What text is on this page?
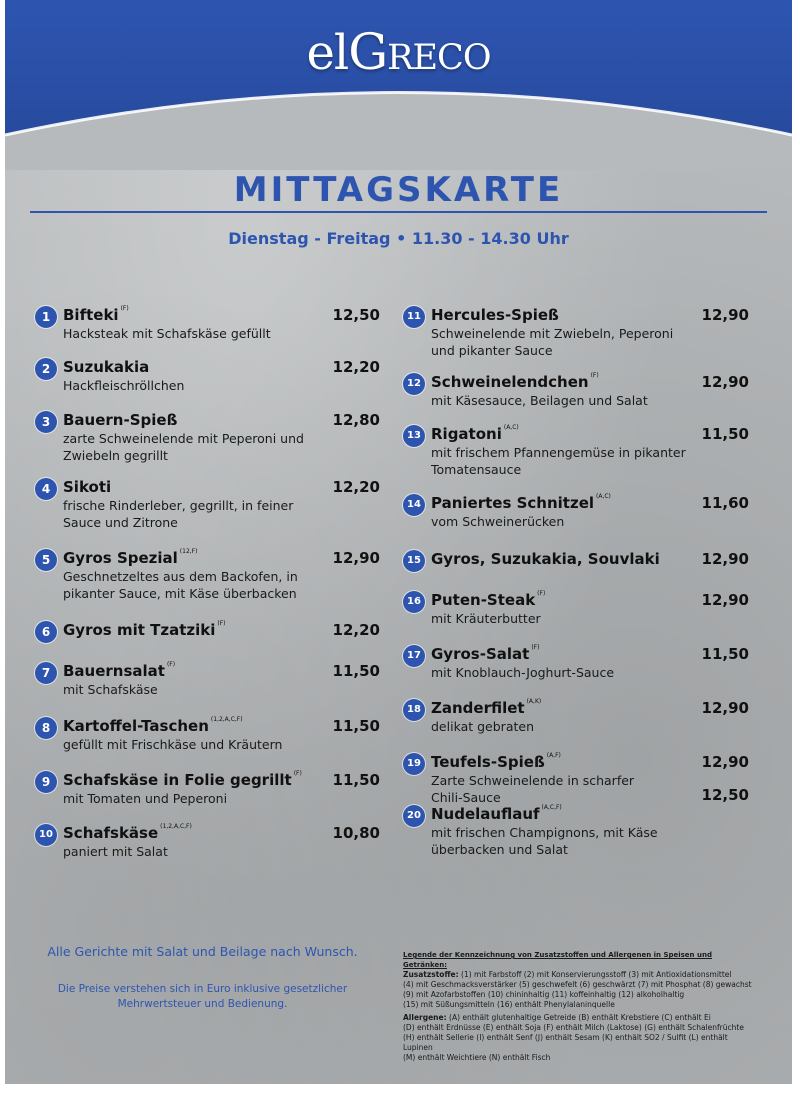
elGreco
MITTAGSKARTE
Dienstag - Freitag • 11.30 - 14.30 Uhr
1 Bifteki $^{(F)}$
Hacksteak mit Schafskäse gefüllt
12,50
2 Suzukakia
Hackfleischröllchen
12,20
3 Bauern-Spieß
zarte Schweinelende mit Peperoni und
Zwiebeln gegrillt
12,80
4 Sikoti
frische Rinderleber, gegrillt, in feiner
Sauce und Zitrone
12,20
5 Gyros Spezial $^{(12,F)}$
Geschnetzeltes aus dem Backofen, in
pikanter Sauce, mit Käse überbacken
12,90
6 Gyros mit Tzatziki $^{(F)}$	12,20
7 Bauernsalat $^{(F)}$
mit Schafskäse
11,50
8 Kartoffel-Taschen $^{(1,2,A,C,F)}$
gefüllt mit Frischkäse und Kräutern
11,50
9 Schafskäse in Folie gegrillt $^{(F)}$
mit Tomaten und Peperoni
11,50
10 Schafskäse $^{(1,2,A,C,F)}$
paniert mit Salat
10,80
11 Hercules-Spieß
Schweinelende mit Zwiebeln, Peperoni
und pikanter Sauce
12,90
12 Schweinelendchen $^{(F)}$
mit Käsesauce, Beilagen und Salat
12,90
13 Rigatoni $^{(A,C)}$
mit frischem Pfannengemüse in pikanter
Tomatensauce
11,50
14 Paniertes Schnitzel $^{(A,C)}$
vom Schweinerücken
11,60
15 Gyros, Suzukakia, Souvlaki	12,90
16 Puten-Steak $^{(F)}$
mit Kräuterbutter
12,90
17 Gyros-Salat $^{(F)}$
mit Knoblauch-Joghurt-Sauce
11,50
18 Zanderfilet $^{(A,K)}$
delikat gebraten
12,90
19 Teufels-Spieß $^{(A,F)}$
Zarte Schweinelende in scharfer
Chili-Sauce
12,90
20 Nudelauflauf $^{(A,C,F)}$
mit frischen Champignons, mit Käse
überbacken und Salat
12,50
Alle Gerichte mit Salat und Beilage nach Wunsch.
Die Preise verstehen sich in Euro inklusive gesetzlicher
Mehrwertsteuer und Bedienung.
Legende der Kennzeichnung von Zusatzstoffen und Allergenen in Speisen und Getränken:
Zusatzstoffe: (1) mit Farbstoff (2) mit Konservierungsstoff (3) mit Antioxidationsmittel
(4) mit Geschmacksverstärker (5) geschwefelt (6) geschwärzt (7) mit Phosphat (8) gewachst
(9) mit Azofarbstoffen (10) chininhaltig (11) koffeinhaltig (12) alkoholhaltig
(15) mit Süßungsmitteln (16) enthält Phenylalaninquelle
Allergene: (A) enthält glutenhaltige Getreide (B) enthält Krebstiere (C) enthält Ei
(D) enthält Erdnüsse (E) enthält Soja (F) enthält Milch (Laktose) (G) enthält Schalenfrüchte
(H) enthält Sellerie (I) enthält Senf (J) enthält Sesam (K) enthält SO2 / Sulfit (L) enthält Lupinen
(M) enthält Weichtiere (N) enthält Fisch
